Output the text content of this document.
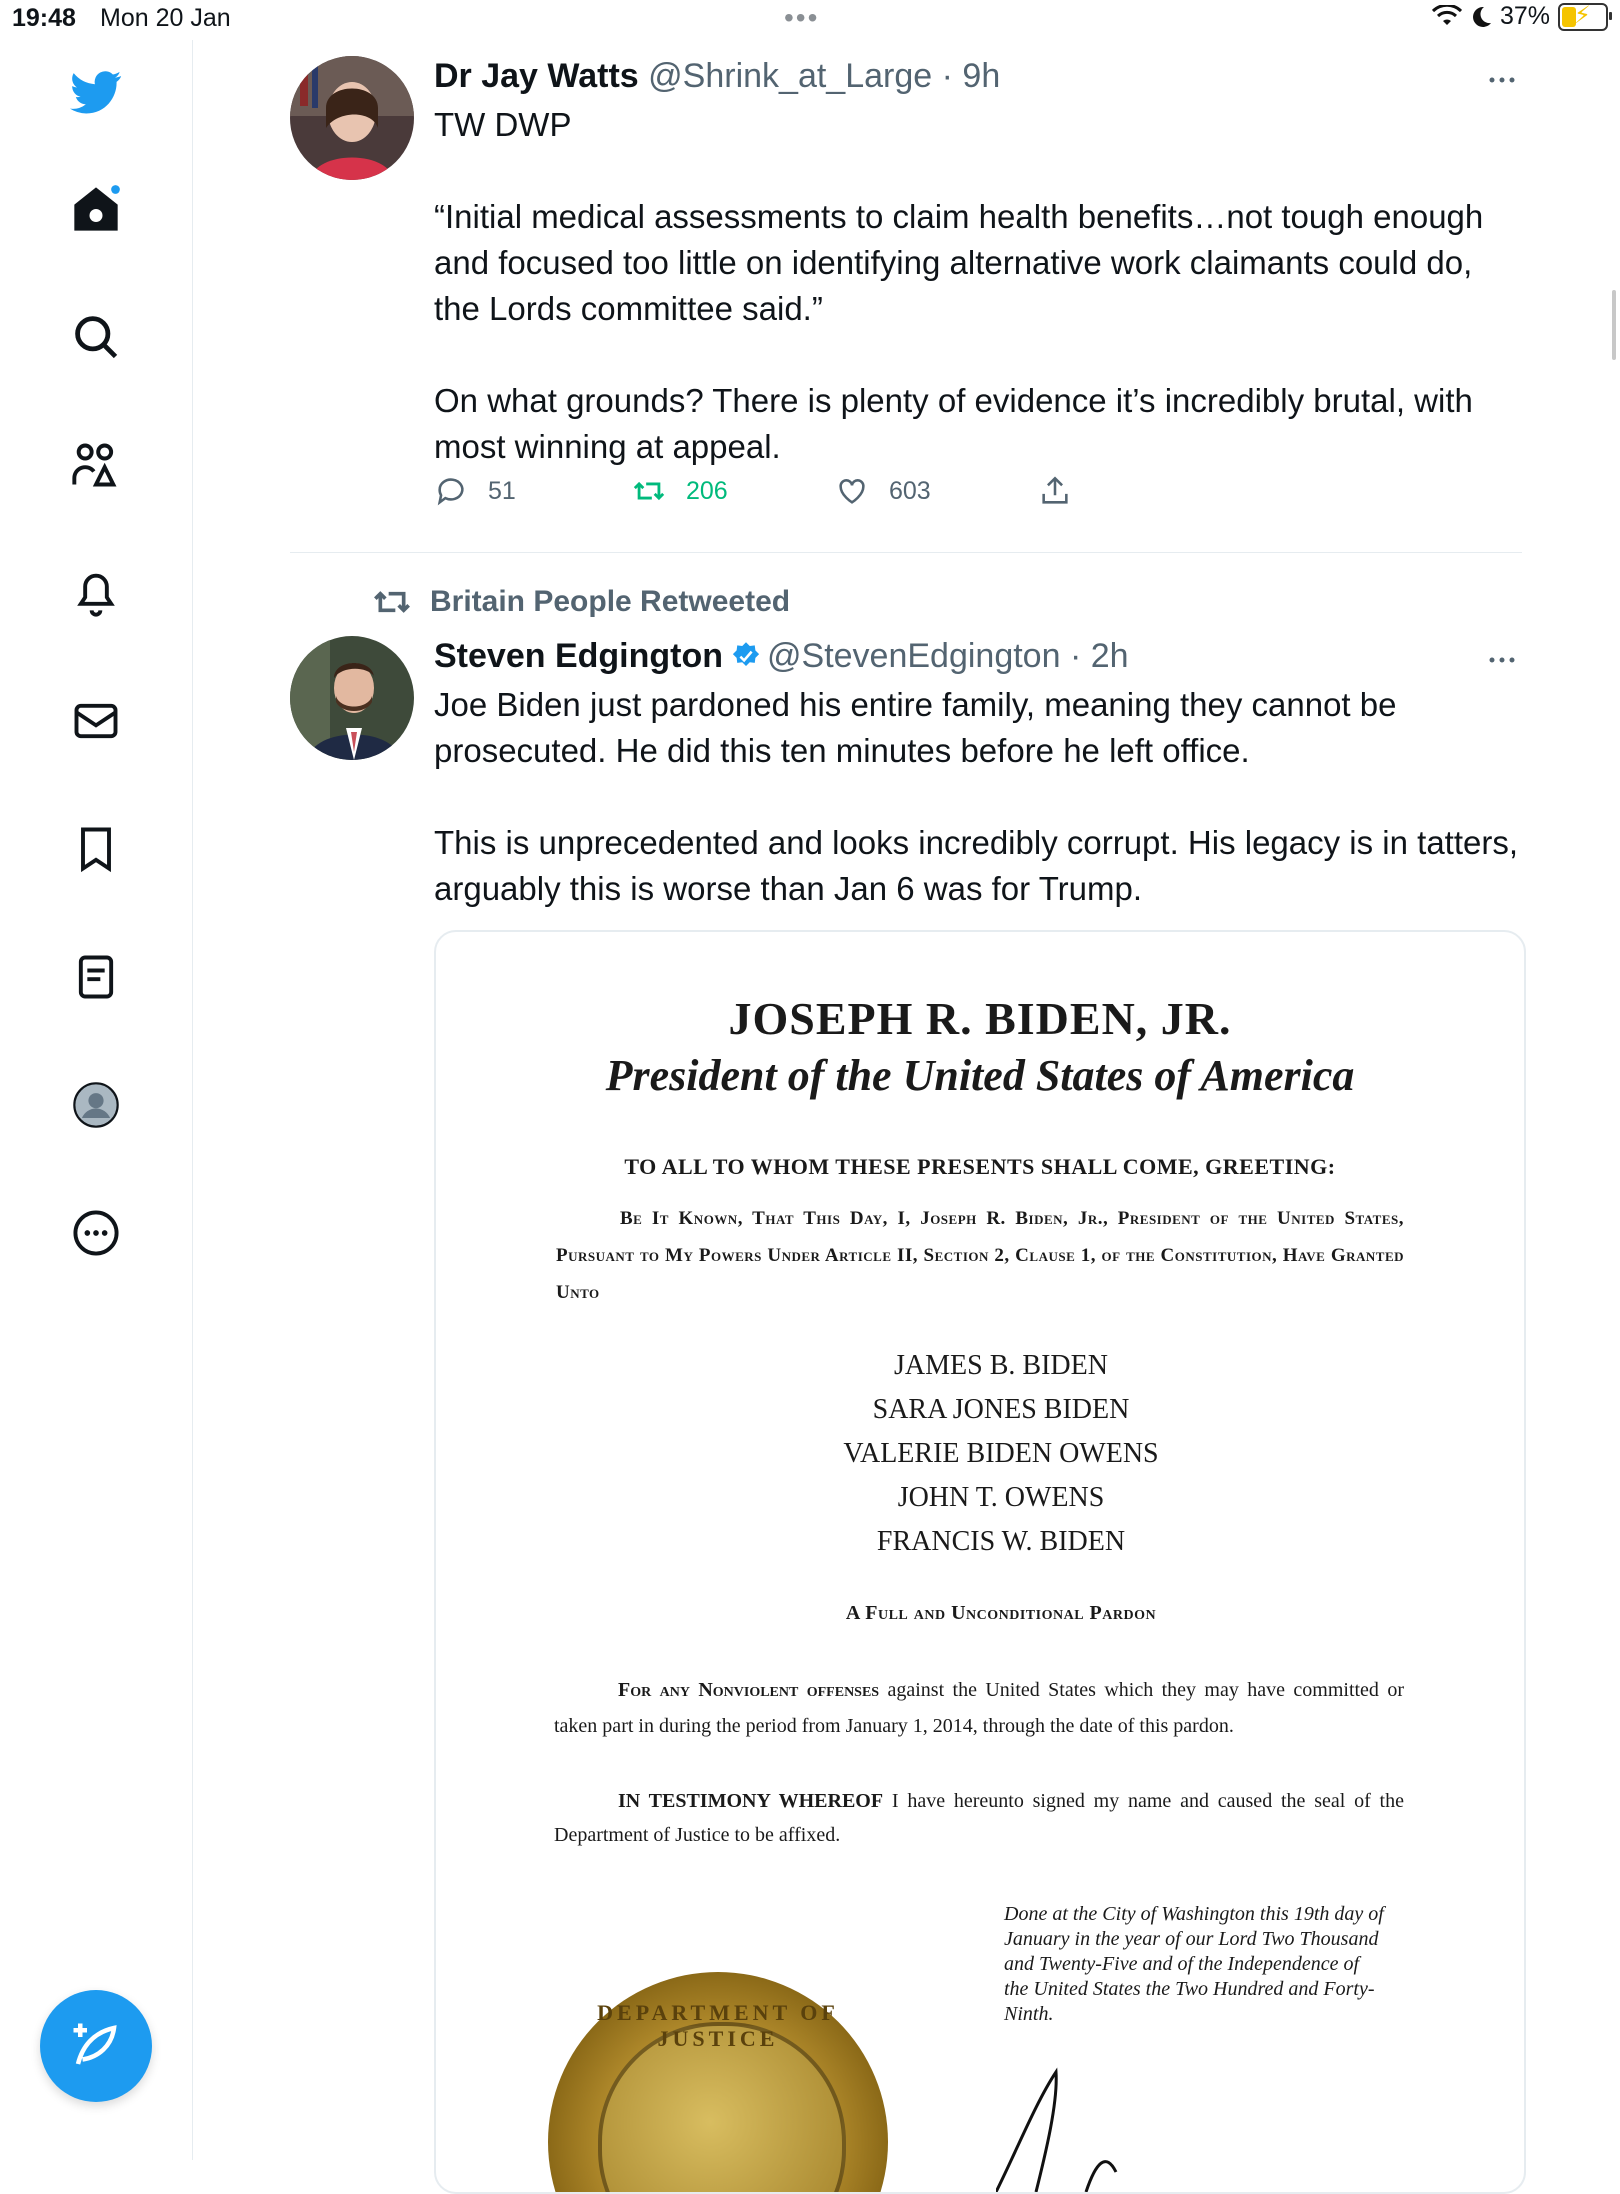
19:48 Mon 20 Jan	•••	37% ⚡
Dr Jay Watts @Shrink_at_Large · 9h
TW DWP

“Initial medical assessments to claim health benefits…not tough enough and focused too little on identifying alternative work claimants could do, the Lords committee said.”

On what grounds? There is plenty of evidence it’s incredibly brutal, with most winning at appeal.
51	206	603
Britain People Retweeted
Steven Edgington @StevenEdgington · 2h
Joe Biden just pardoned his entire family, meaning they cannot be prosecuted. He did this ten minutes before he left office.

This is unprecedented and looks incredibly corrupt. His legacy is in tatters, arguably this is worse than Jan 6 was for Trump.
JOSEPH R. BIDEN, JR.
President of the United States of America
TO ALL TO WHOM THESE PRESENTS SHALL COME, GREETING:
Be It Known, That This Day, I, Joseph R. Biden, Jr., President of the United States, Pursuant to My Powers Under Article II, Section 2, Clause 1, of the Constitution, Have Granted Unto
JAMES B. BIDEN
SARA JONES BIDEN
VALERIE BIDEN OWENS
JOHN T. OWENS
FRANCIS W. BIDEN
A Full and Unconditional Pardon

For any Nonviolent offenses against the United States which they may have committed or taken part in during the period from January 1, 2014, through the date of this pardon.

IN TESTIMONY WHEREOF I have hereunto signed my name and caused the seal of the Department of Justice to be affixed.

Done at the City of Washington this 19th day of January in the year of our Lord Two Thousand and Twenty-Five and of the Independence of the United States the Two Hundred and Forty-Ninth.
DEPARTMENT OF JUSTICE
